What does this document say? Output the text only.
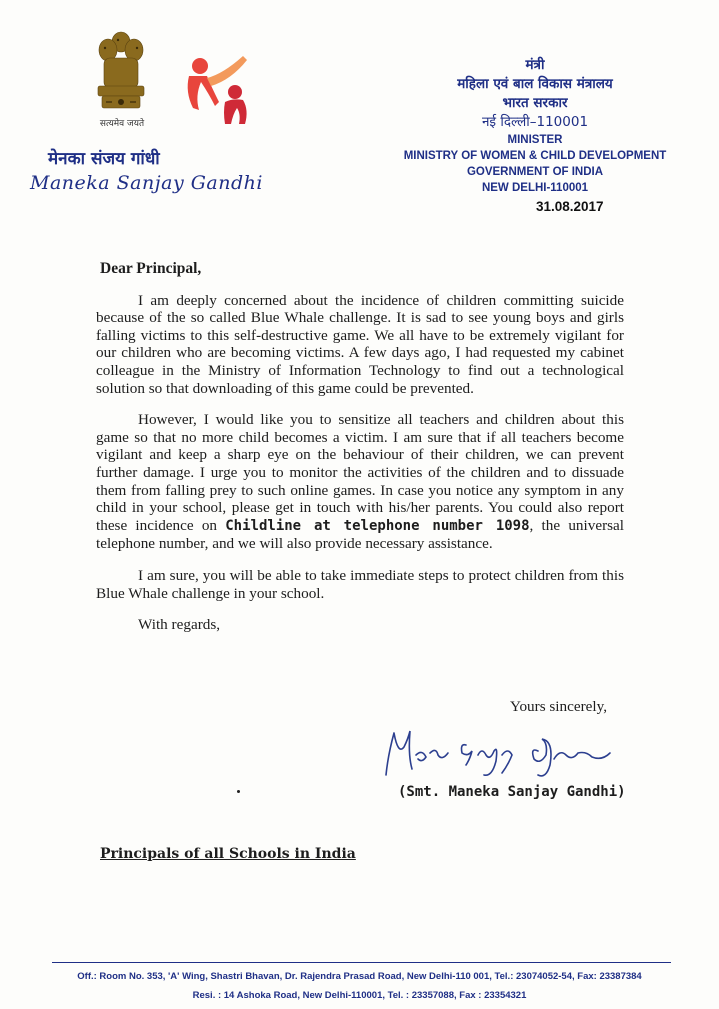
सत्यमेव जयते
मेनका संजय गांधी
Maneka Sanjay Gandhi
मंत्री
महिला एवं बाल विकास मंत्रालय
भारत सरकार
नई दिल्ली–110001
MINISTER
MINISTRY OF WOMEN & CHILD DEVELOPMENT
GOVERNMENT OF INDIA
NEW DELHI-110001
31.08.2017
Dear Principal,

I am deeply concerned about the incidence of children committing suicide because of the so called Blue Whale challenge. It is sad to see young boys and girls falling victims to this self-destructive game. We all have to be extremely vigilant for our children who are becoming victims. A few days ago, I had requested my cabinet colleague in the Ministry of Information Technology to find out a technological solution so that downloading of this game could be prevented.

However, I would like you to sensitize all teachers and children about this game so that no more child becomes a victim. I am sure that if all teachers become vigilant and keep a sharp eye on the behaviour of their children, we can prevent further damage. I urge you to monitor the activities of the children and to dissuade them from falling prey to such online games. In case you notice any symptom in any child in your school, please get in touch with his/her parents. You could also report these incidence on Childline at telephone number 1098, the universal telephone number, and we will also provide necessary assistance.

I am sure, you will be able to take immediate steps to protect children from this Blue Whale challenge in your school.

With regards,
Yours sincerely,
(Smt. Maneka Sanjay Gandhi)
Principals of all Schools in India
Off.: Room No. 353, 'A' Wing, Shastri Bhavan, Dr. Rajendra Prasad Road, New Delhi-110 001, Tel.: 23074052-54, Fax: 23387384
Resi. : 14 Ashoka Road, New Delhi-110001, Tel. : 23357088, Fax : 23354321
